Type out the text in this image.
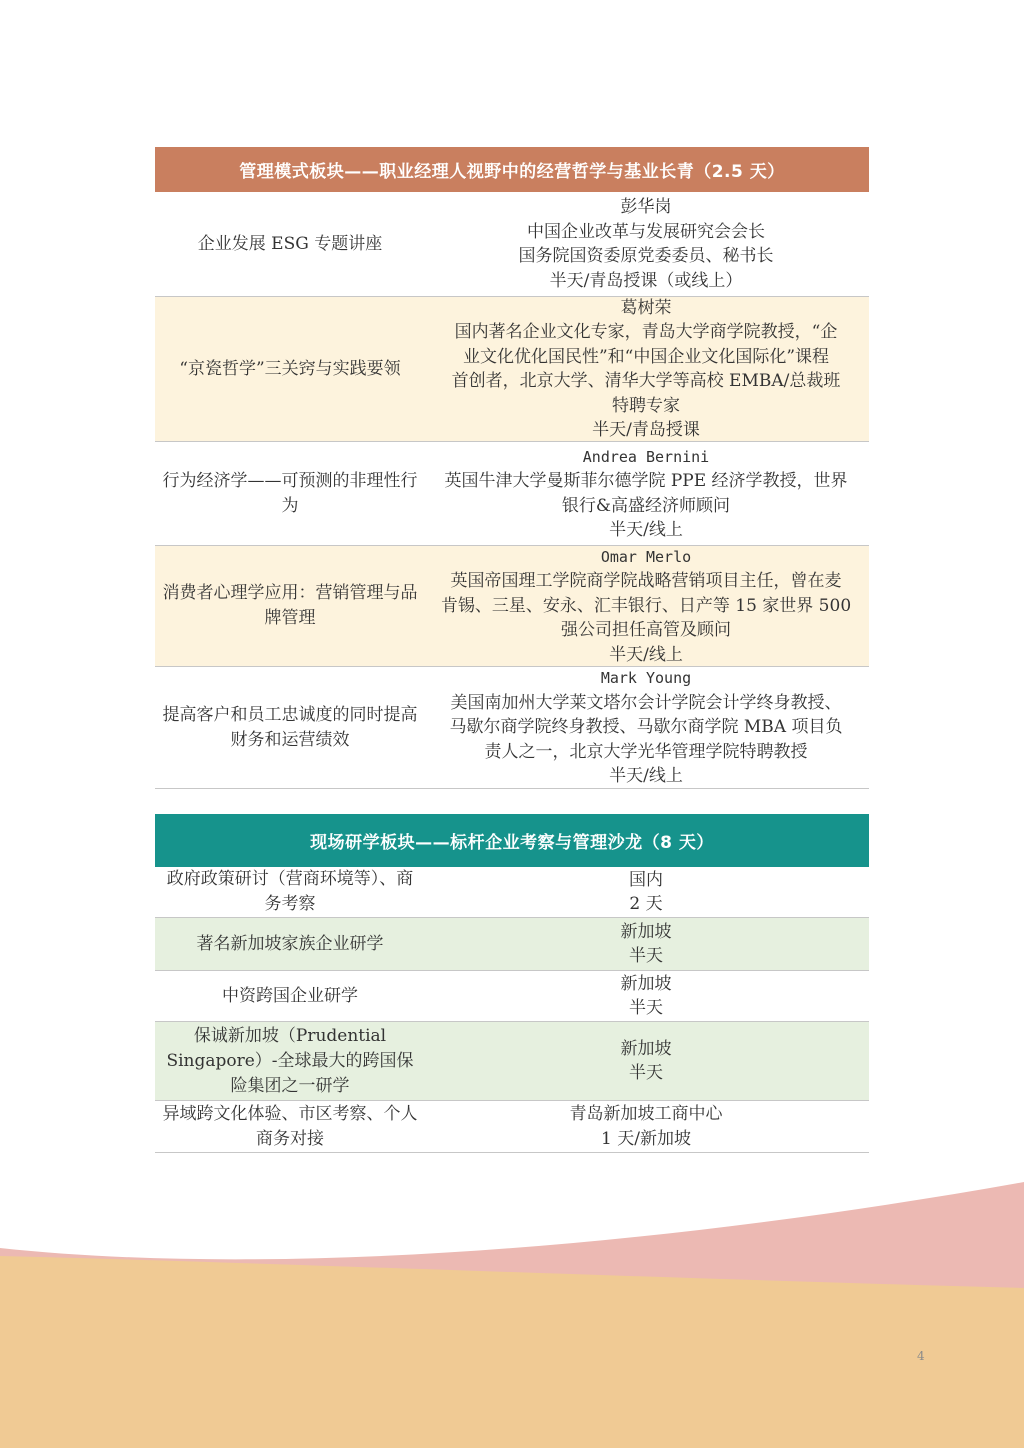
管理模式板块——职业经理人视野中的经营哲学与基业长青（2.5 天）
企业发展 ESG 专题讲座
彭华岗
中国企业改革与发展研究会会长
国务院国资委原党委委员、秘书长
半天/青岛授课（或线上）
“京瓷哲学”三关窍与实践要领
葛树荣
国内著名企业文化专家，青岛大学商学院教授，“企
业文化优化国民性”和“中国企业文化国际化”课程
首创者，北京大学、清华大学等高校 EMBA/总裁班
特聘专家
半天/青岛授课
行为经济学——可预测的非理性行为
Andrea Bernini
英国牛津大学曼斯菲尔德学院 PPE 经济学教授，世界
银行&高盛经济师顾问
半天/线上
消费者心理学应用：营销管理与品牌管理
Omar Merlo
英国帝国理工学院商学院战略营销项目主任，曾在麦
肯锡、三星、安永、汇丰银行、日产等 15 家世界 500
强公司担任高管及顾问
半天/线上
提高客户和员工忠诚度的同时提高财务和运营绩效
Mark Young
美国南加州大学莱文塔尔会计学院会计学终身教授、
马歇尔商学院终身教授、马歇尔商学院 MBA 项目负
责人之一，北京大学光华管理学院特聘教授
半天/线上
现场研学板块——标杆企业考察与管理沙龙（8 天）
政府政策研讨（营商环境等）、商务考察
国内
2 天
著名新加坡家族企业研学
新加坡
半天
中资跨国企业研学
新加坡
半天
保诚新加坡（Prudential Singapore）-全球最大的跨国保险集团之一研学
新加坡
半天
异域跨文化体验、市区考察、个人商务对接
青岛新加坡工商中心
1 天/新加坡
4
